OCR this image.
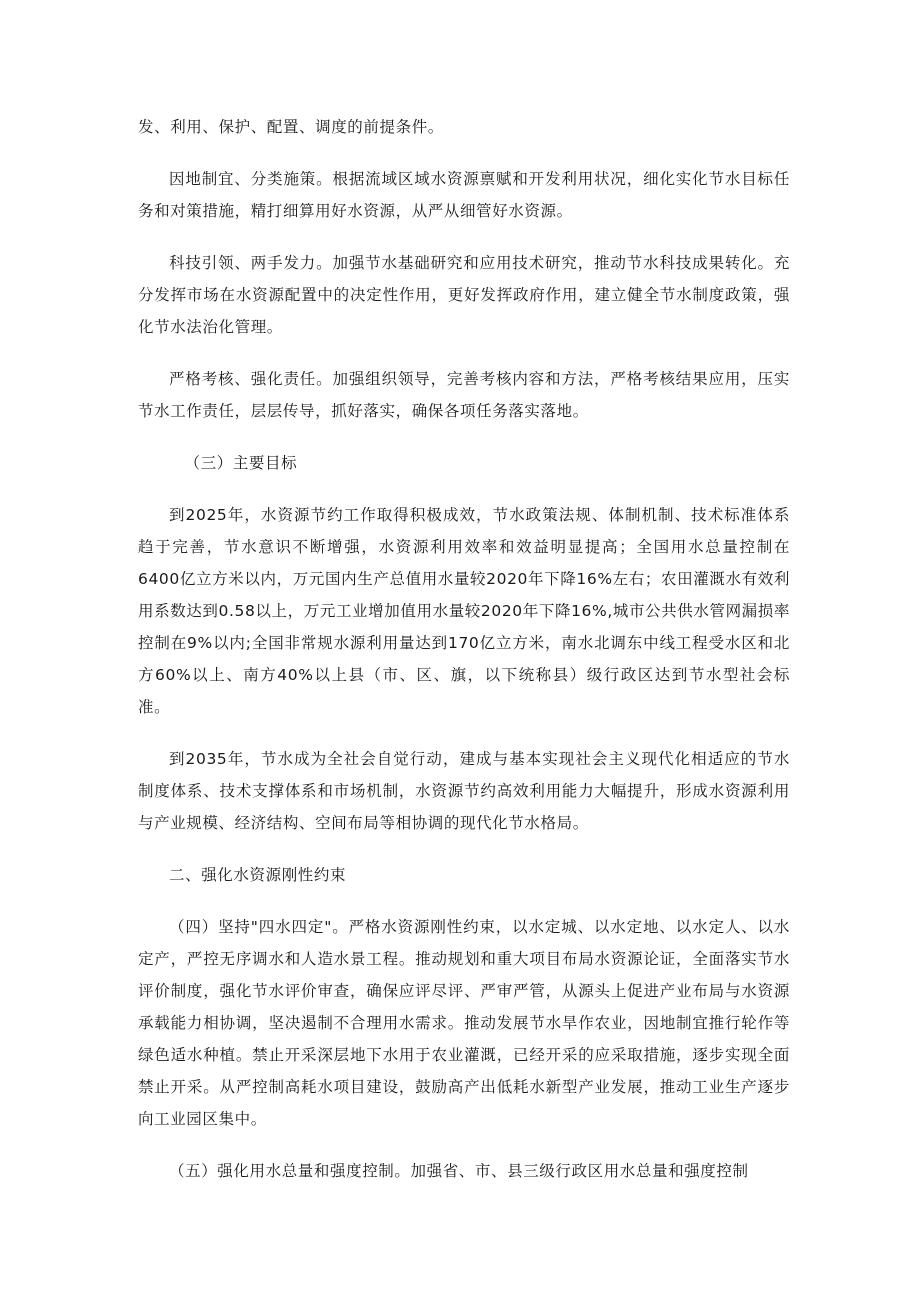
发、利用、保护、配置、调度的前提条件。

因地制宜、分类施策。根据流域区域水资源禀赋和开发利用状况，细化实化节水目标任务和对策措施，精打细算用好水资源，从严从细管好水资源。

科技引领、两手发力。加强节水基础研究和应用技术研究，推动节水科技成果转化。充分发挥市场在水资源配置中的决定性作用，更好发挥政府作用，建立健全节水制度政策，强化节水法治化管理。

严格考核、强化责任。加强组织领导，完善考核内容和方法，严格考核结果应用，压实节水工作责任，层层传导，抓好落实，确保各项任务落实落地。

（三）主要目标

到2025年，水资源节约工作取得积极成效，节水政策法规、体制机制、技术标准体系趋于完善，节水意识不断增强，水资源利用效率和效益明显提高；全国用水总量控制在6400亿立方米以内，万元国内生产总值用水量较2020年下降16%左右；农田灌溉水有效利用系数达到0.58以上，万元工业增加值用水量较2020年下降16%,城市公共供水管网漏损率控制在9%以内;全国非常规水源利用量达到170亿立方米，南水北调东中线工程受水区和北方60%以上、南方40%以上县（市、区、旗，以下统称县）级行政区达到节水型社会标准。

到2035年，节水成为全社会自觉行动，建成与基本实现社会主义现代化相适应的节水制度体系、技术支撑体系和市场机制，水资源节约高效利用能力大幅提升，形成水资源利用与产业规模、经济结构、空间布局等相协调的现代化节水格局。

二、强化水资源刚性约束

（四）坚持"四水四定"。严格水资源刚性约束，以水定城、以水定地、以水定人、以水定产，严控无序调水和人造水景工程。推动规划和重大项目布局水资源论证，全面落实节水评价制度，强化节水评价审查，确保应评尽评、严审严管，从源头上促进产业布局与水资源承载能力相协调，坚决遏制不合理用水需求。推动发展节水旱作农业，因地制宜推行轮作等绿色适水种植。禁止开采深层地下水用于农业灌溉，已经开采的应采取措施，逐步实现全面禁止开采。从严控制高耗水项目建设，鼓励高产出低耗水新型产业发展，推动工业生产逐步向工业园区集中。

（五）强化用水总量和强度控制。加强省、市、县三级行政区用水总量和强度控制
